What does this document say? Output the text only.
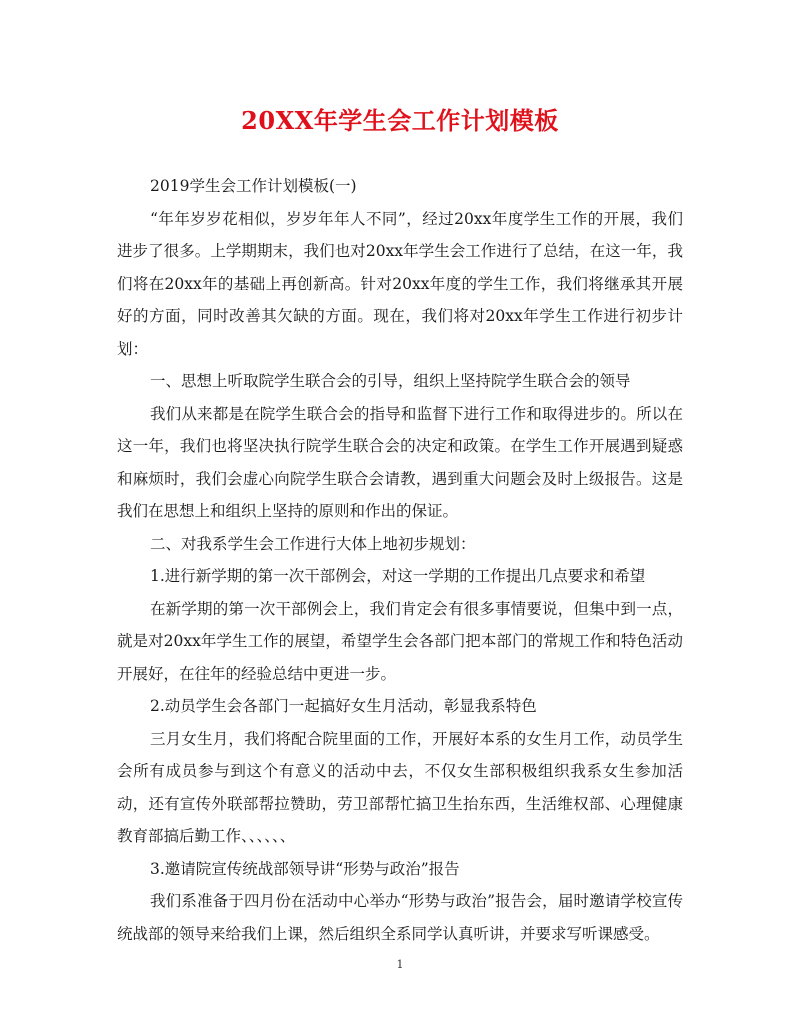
20XX年学生会工作计划模板

2019学生会工作计划模板(一)

“年年岁岁花相似，岁岁年年人不同”，经过20xx年度学生工作的开展，我们进步了很多。上学期期末，我们也对20xx年学生会工作进行了总结，在这一年，我们将在20xx年的基础上再创新高。针对20xx年度的学生工作，我们将继承其开展好的方面，同时改善其欠缺的方面。现在，我们将对20xx年学生工作进行初步计划：

一、思想上听取院学生联合会的引导，组织上坚持院学生联合会的领导

我们从来都是在院学生联合会的指导和监督下进行工作和取得进步的。所以在这一年，我们也将坚决执行院学生联合会的决定和政策。在学生工作开展遇到疑惑和麻烦时，我们会虚心向院学生联合会请教，遇到重大问题会及时上级报告。这是我们在思想上和组织上坚持的原则和作出的保证。

二、对我系学生会工作进行大体上地初步规划：

1.进行新学期的第一次干部例会，对这一学期的工作提出几点要求和希望

在新学期的第一次干部例会上，我们肯定会有很多事情要说，但集中到一点，就是对20xx年学生工作的展望，希望学生会各部门把本部门的常规工作和特色活动开展好，在往年的经验总结中更进一步。

2.动员学生会各部门一起搞好女生月活动，彰显我系特色

三月女生月，我们将配合院里面的工作，开展好本系的女生月工作，动员学生会所有成员参与到这个有意义的活动中去，不仅女生部积极组织我系女生参加活动，还有宣传外联部帮拉赞助，劳卫部帮忙搞卫生抬东西，生活维权部、心理健康教育部搞后勤工作、、、、、、

3.邀请院宣传统战部领导讲“形势与政治”报告

我们系准备于四月份在活动中心举办“形势与政治”报告会，届时邀请学校宣传统战部的领导来给我们上课，然后组织全系同学认真听讲，并要求写听课感受。

1
